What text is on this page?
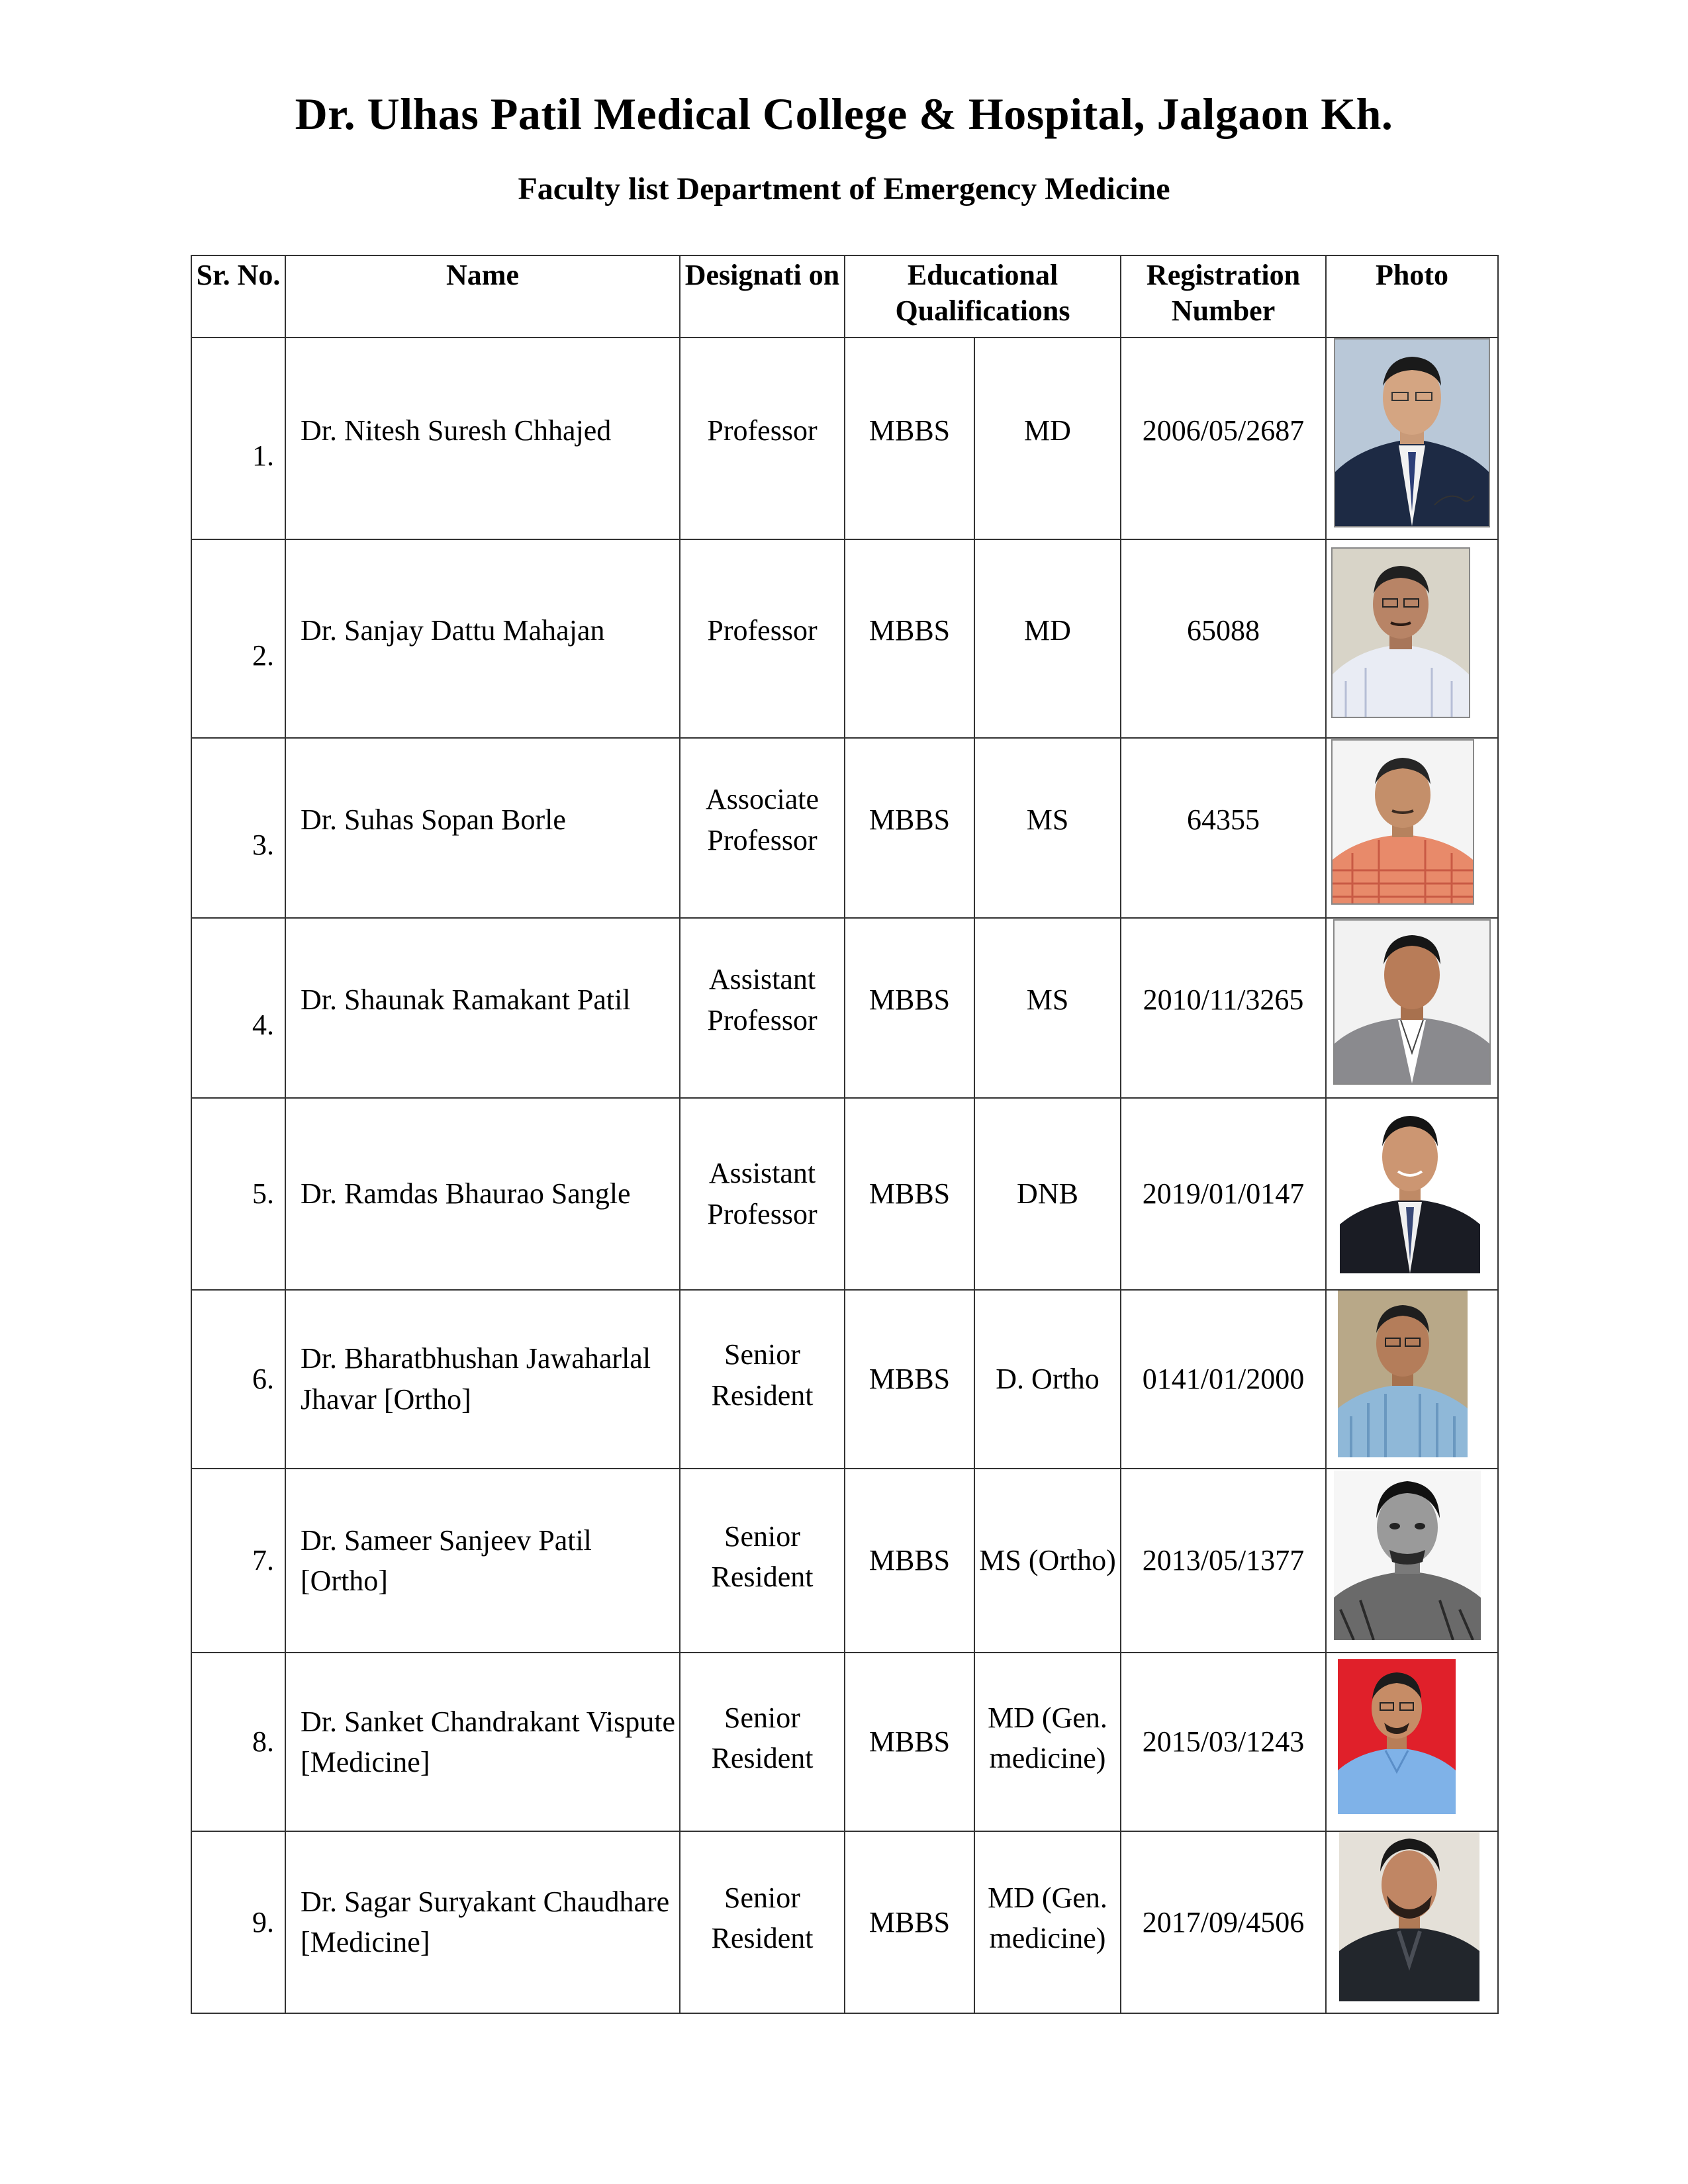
Dr. Ulhas Patil Medical College & Hospital, Jalgaon Kh.
Faculty list Department of Emergency Medicine
Sr. No.	Name	Designati on	Educational Qualifications		Registration Number	Photo
1.	Dr. Nitesh Suresh Chhajed	Professor	MBBS	MD	2006/05/2687

2.	Dr. Sanjay Dattu Mahajan	Professor	MBBS	MD	65088

3.	Dr. Suhas Sopan Borle	Associate Professor	MBBS	MS	64355

4.	Dr. Shaunak Ramakant Patil	Assistant Professor	MBBS	MS	2010/11/3265

5.	Dr. Ramdas Bhaurao Sangle	Assistant Professor	MBBS	DNB	2019/01/0147

6.	Dr. Bharatbhushan Jawaharlal Jhavar [Ortho]	Senior Resident	MBBS	D. Ortho	0141/01/2000

7.	Dr. Sameer Sanjeev Patil [Ortho]	Senior Resident	MBBS	MS (Ortho)	2013/05/1377

8.	Dr. Sanket Chandrakant Vispute [Medicine]	Senior Resident	MBBS	MD (Gen. medicine)	2015/03/1243

9.	Dr. Sagar Suryakant Chaudhare [Medicine]	Senior Resident	MBBS	MD (Gen. medicine)	2017/09/4506
